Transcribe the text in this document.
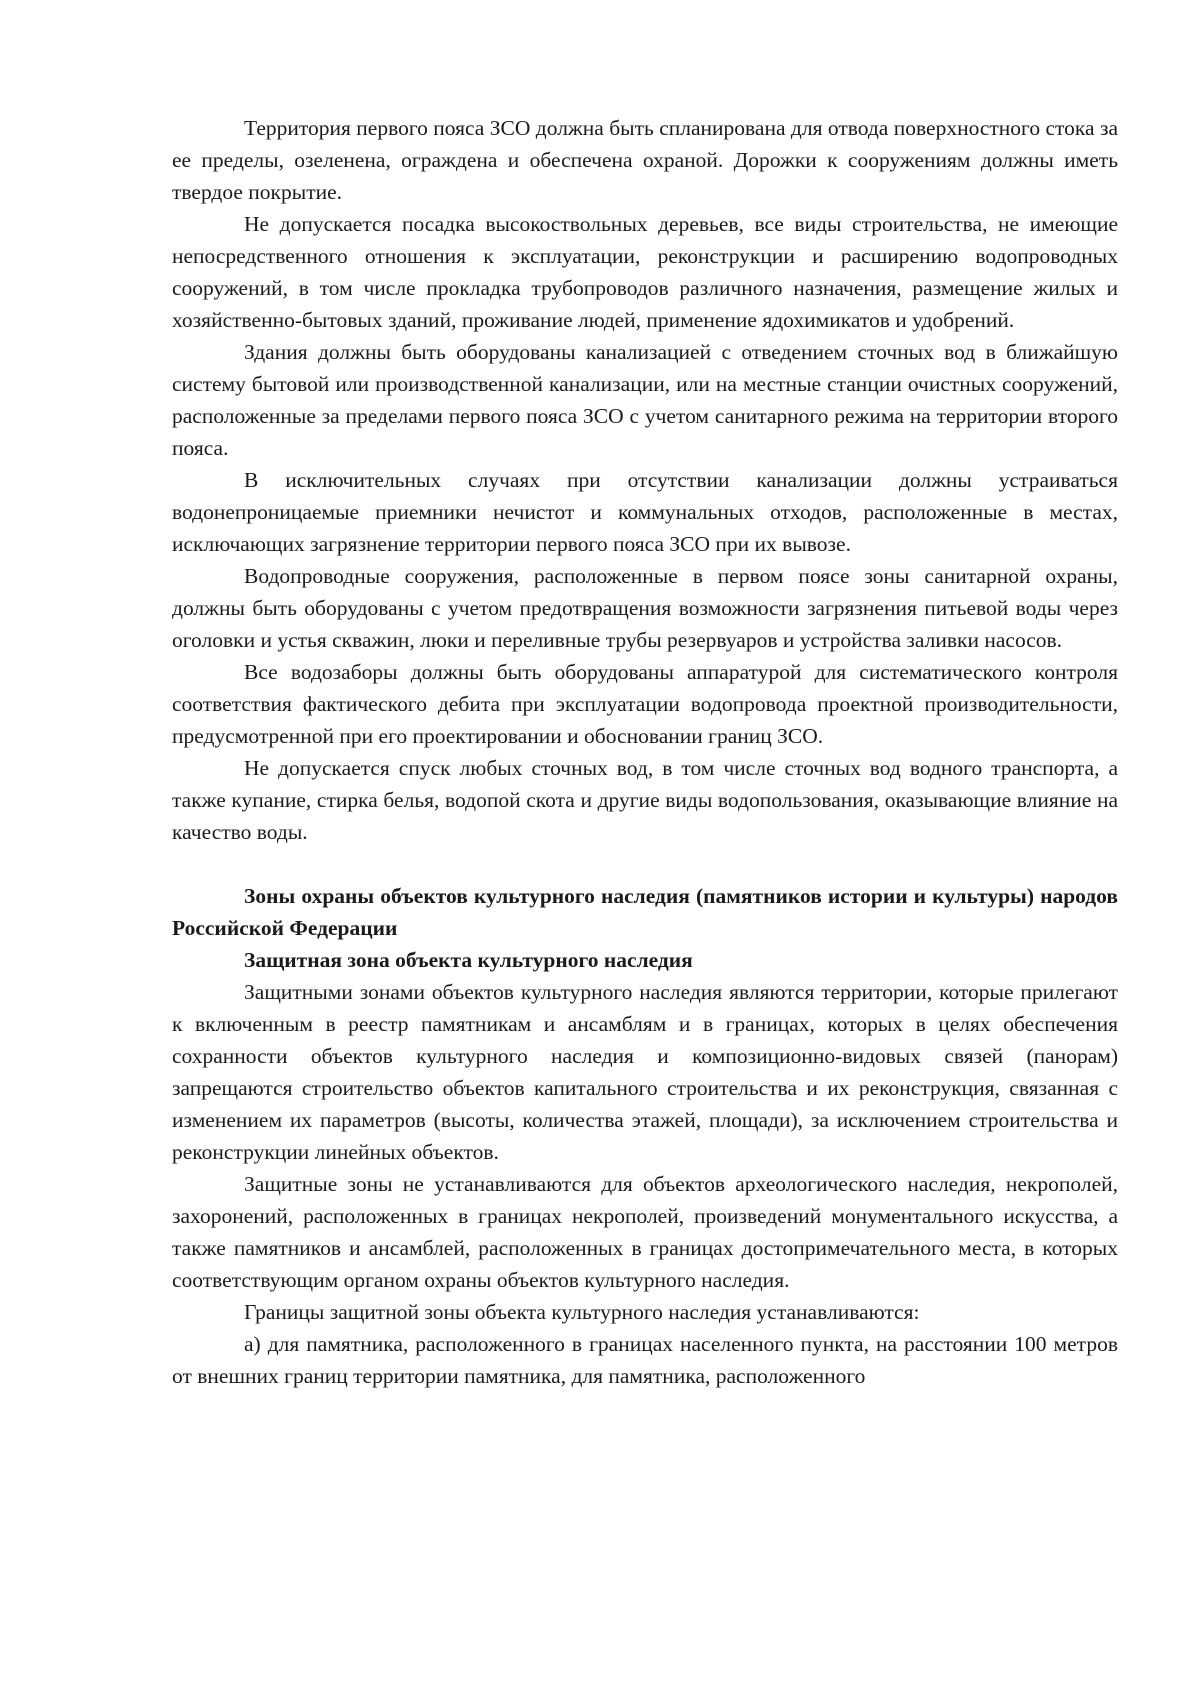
Территория первого пояса ЗСО должна быть спланирована для отвода поверхностного стока за ее пределы, озеленена, ограждена и обеспечена охраной. Дорожки к сооружениям должны иметь твердое покрытие.

Не допускается посадка высокоствольных деревьев, все виды строительства, не имеющие непосредственного отношения к эксплуатации, реконструкции и расширению водопроводных сооружений, в том числе прокладка трубопроводов различного назначения, размещение жилых и хозяйственно-бытовых зданий, проживание людей, применение ядохимикатов и удобрений.

Здания должны быть оборудованы канализацией с отведением сточных вод в ближайшую систему бытовой или производственной канализации, или на местные станции очистных сооружений, расположенные за пределами первого пояса ЗСО с учетом санитарного режима на территории второго пояса.

В исключительных случаях при отсутствии канализации должны устраиваться водонепроницаемые приемники нечистот и коммунальных отходов, расположенные в местах, исключающих загрязнение территории первого пояса ЗСО при их вывозе.

Водопроводные сооружения, расположенные в первом поясе зоны санитарной охраны, должны быть оборудованы с учетом предотвращения возможности загрязнения питьевой воды через оголовки и устья скважин, люки и переливные трубы резервуаров и устройства заливки насосов.

Все водозаборы должны быть оборудованы аппаратурой для систематического контроля соответствия фактического дебита при эксплуатации водопровода проектной производительности, предусмотренной при его проектировании и обосновании границ ЗСО.

Не допускается спуск любых сточных вод, в том числе сточных вод водного транспорта, а также купание, стирка белья, водопой скота и другие виды водопользования, оказывающие влияние на качество воды.

Зоны охраны объектов культурного наследия (памятников истории и культуры) народов Российской Федерации

Защитная зона объекта культурного наследия

Защитными зонами объектов культурного наследия являются территории, которые прилегают к включенным в реестр памятникам и ансамблям и в границах, которых в целях обеспечения сохранности объектов культурного наследия и композиционно-видовых связей (панорам) запрещаются строительство объектов капитального строительства и их реконструкция, связанная с изменением их параметров (высоты, количества этажей, площади), за исключением строительства и реконструкции линейных объектов.

Защитные зоны не устанавливаются для объектов археологического наследия, некрополей, захоронений, расположенных в границах некрополей, произведений монументального искусства, а также памятников и ансамблей, расположенных в границах достопримечательного места, в которых соответствующим органом охраны объектов культурного наследия.

Границы защитной зоны объекта культурного наследия устанавливаются:

а) для памятника, расположенного в границах населенного пункта, на расстоянии 100 метров от внешних границ территории памятника, для памятника, расположенного
